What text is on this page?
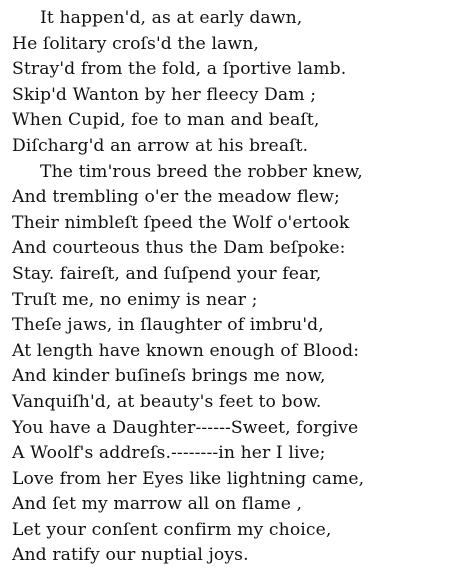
It happen'd, as at early dawn,
He ſolitary croſs'd the lawn,
Stray'd from the fold, a ſportive lamb.
Skip'd Wanton by her fleecy Dam ;
When Cupid, foe to man and beaſt,
Diſcharg'd an arrow at his breaſt.
The tim'rous breed the robber knew,
And trembling o'er the meadow flew;
Their nimbleſt ſpeed the Wolf o'ertook
And courteous thus the Dam beſpoke:
Stay. faireſt, and ſuſpend your fear,
Truſt me, no enimy is near ;
Theſe jaws, in ſlaughter of imbru'd,
At length have known enough of Blood:
And kinder buſineſs brings me now,
Vanquiſh'd, at beauty's feet to bow.
You have a Daughter------Sweet, forgive
A Woolf's addreſs.--------in her I live;
Love from her Eyes like lightning came,
And ſet my marrow all on flame ,
Let your conſent confirm my choice,
And ratify our nuptial joys.
